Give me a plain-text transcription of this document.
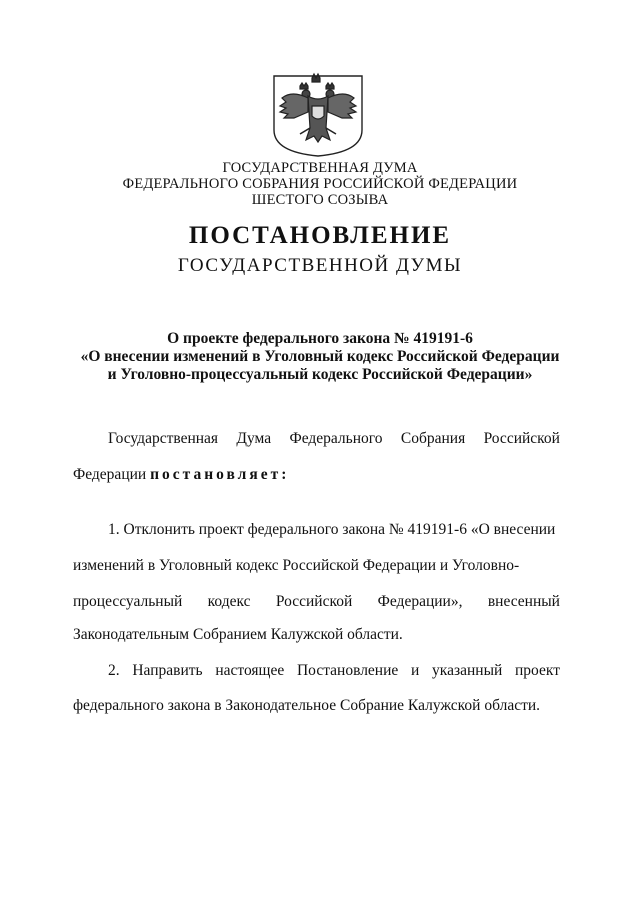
ГОСУДАРСТВЕННАЯ ДУМА
ФЕДЕРАЛЬНОГО СОБРАНИЯ РОССИЙСКОЙ ФЕДЕРАЦИИ
ШЕСТОГО СОЗЫВА
ПОСТАНОВЛЕНИЕ
ГОСУДАРСТВЕННОЙ ДУМЫ
О проекте федерального закона № 419191-6
«О внесении изменений в Уголовный кодекс Российской Федерации
и Уголовно-процессуальный кодекс Российской Федерации»
Государственная Дума Федерального Собрания Российской
Федерации постановляет:
1. Отклонить проект федерального закона № 419191-6 «О внесении
изменений в Уголовный кодекс Российской Федерации и Уголовно-
процессуальный кодекс Российской Федерации», внесенный
Законодательным Собранием Калужской области.
2. Направить настоящее Постановление и указанный проект
федерального закона в Законодательное Собрание Калужской области.
